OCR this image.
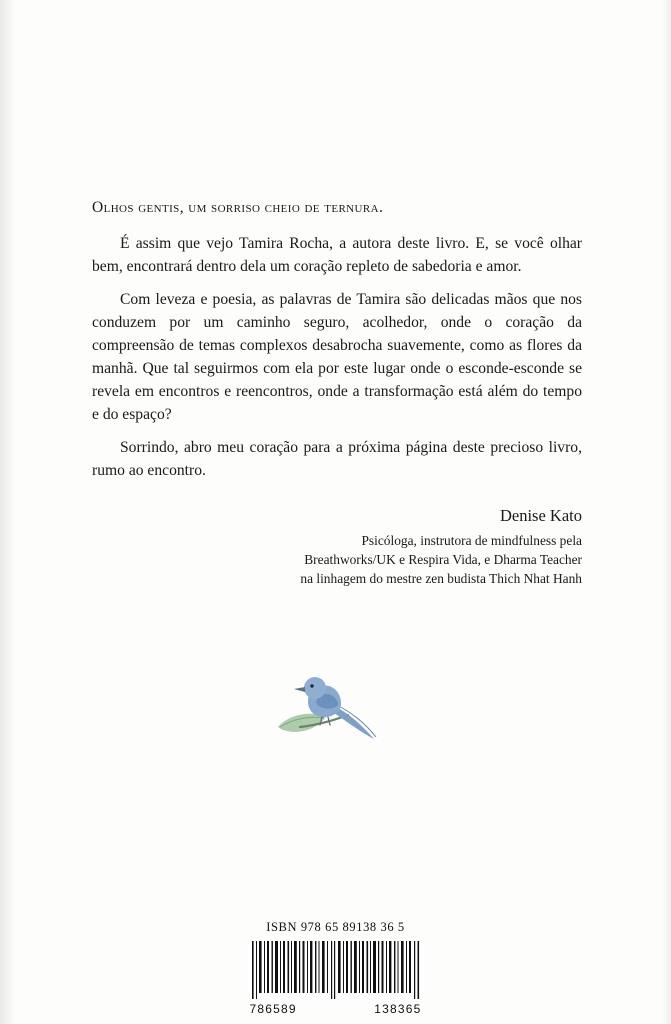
Olhos gentis, um sorriso cheio de ternura.

É assim que vejo Tamira Rocha, a autora deste livro. E, se você olhar bem, encontrará dentro dela um coração repleto de sabedoria e amor.

Com leveza e poesia, as palavras de Tamira são delicadas mãos que nos conduzem por um caminho seguro, acolhedor, onde o coração da compreensão de temas complexos desabrocha suavemente, como as flores da manhã. Que tal seguirmos com ela por este lugar onde o esconde-esconde se revela em encontros e reencontros, onde a transformação está além do tempo e do espaço?

Sorrindo, abro meu coração para a próxima página deste precioso livro, rumo ao encontro.

Denise Kato
Psicóloga, instrutora de mindfulness pela
Breathworks/UK e Respira Vida, e Dharma Teacher
na linhagem do mestre zen budista Thich Nhat Hanh
ISBN 978 65 89138 36 5
786589	138365
